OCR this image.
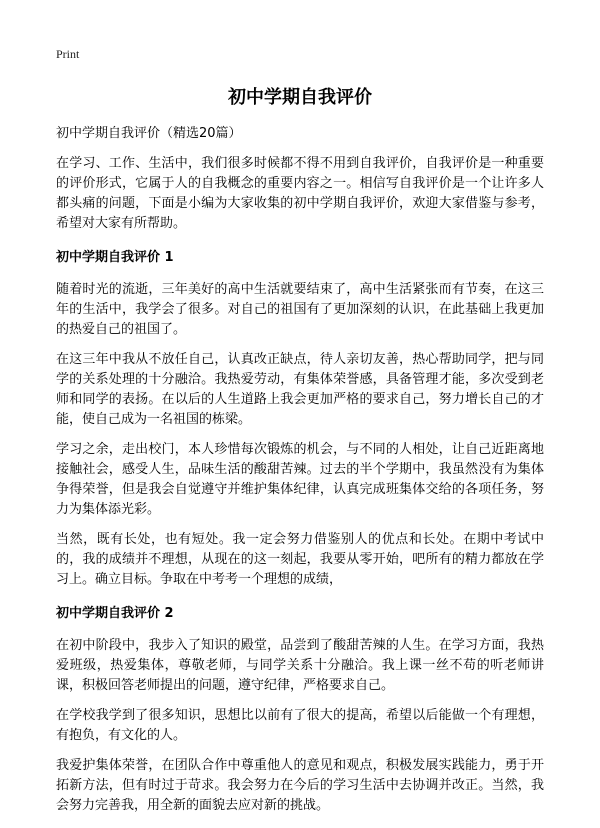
Print
初中学期自我评价

初中学期自我评价（精选20篇）

在学习、工作、生活中，我们很多时候都不得不用到自我评价，自我评价是一种重要的评价形式，它属于人的自我概念的重要内容之一。相信写自我评价是一个让许多人都头痛的问题，下面是小编为大家收集的初中学期自我评价，欢迎大家借鉴与参考，希望对大家有所帮助。

初中学期自我评价 1

随着时光的流逝，三年美好的高中生活就要结束了，高中生活紧张而有节奏，在这三年的生活中，我学会了很多。对自己的祖国有了更加深刻的认识，在此基础上我更加的热爱自己的祖国了。

在这三年中我从不放任自己，认真改正缺点，待人亲切友善，热心帮助同学，把与同学的关系处理的十分融洽。我热爱劳动，有集体荣誉感，具备管理才能，多次受到老师和同学的表扬。在以后的人生道路上我会更加严格的要求自己，努力增长自己的才能，使自己成为一名祖国的栋梁。

学习之余，走出校门，本人珍惜每次锻炼的机会，与不同的人相处，让自己近距离地接触社会，感受人生，品味生活的酸甜苦辣。过去的半个学期中，我虽然没有为集体争得荣誉，但是我会自觉遵守并维护集体纪律，认真完成班集体交给的各项任务，努力为集体添光彩。

当然，既有长处，也有短处。我一定会努力借鉴别人的优点和长处。在期中考试中的，我的成绩并不理想，从现在的这一刻起，我要从零开始，吧所有的精力都放在学习上。确立目标。争取在中考考一个理想的成绩，

初中学期自我评价 2

在初中阶段中，我步入了知识的殿堂，品尝到了酸甜苦辣的人生。在学习方面，我热爱班级，热爱集体，尊敬老师，与同学关系十分融洽。我上课一丝不苟的听老师讲课，积极回答老师提出的问题，遵守纪律，严格要求自己。

在学校我学到了很多知识，思想比以前有了很大的提高，希望以后能做一个有理想，有抱负，有文化的人。

我爱护集体荣誉，在团队合作中尊重他人的意见和观点，积极发展实践能力，勇于开拓新方法，但有时过于苛求。我会努力在今后的学习生活中去协调并改正。当然，我会努力完善我，用全新的面貌去应对新的挑战。
